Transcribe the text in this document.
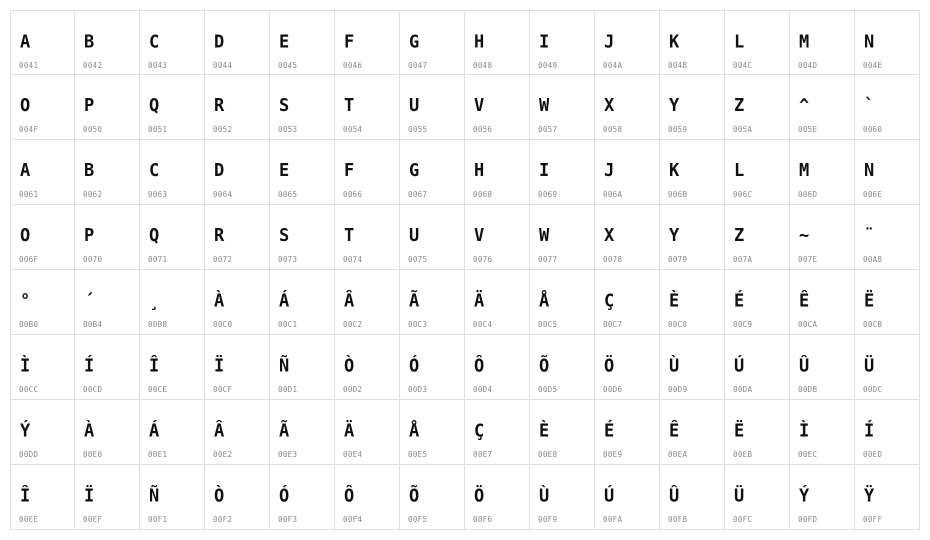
A
0041
B
0042
C
0043
D
0044
E
0045
F
0046
G
0047
H
0048
I
0049
J
004A
K
004B
L
004C
M
004D
N
004E
O
004F
P
0050
Q
0051
R
0052
S
0053
T
0054
U
0055
V
0056
W
0057
X
0058
Y
0059
Z
005A
^
005E
`
0060
A
0061
B
0062
C
0063
D
0064
E
0065
F
0066
G
0067
H
0068
I
0069
J
006A
K
006B
L
006C
M
006D
N
006E
O
006F
P
0070
Q
0071
R
0072
S
0073
T
0074
U
0075
V
0076
W
0077
X
0078
Y
0079
Z
007A
~
007E
¨
00A8
°
00B0
´
00B4
¸
00B8
À
00C0
Á
00C1
Â
00C2
Ã
00C3
Ä
00C4
Å
00C5
Ç
00C7
È
00C8
É
00C9
Ê
00CA
Ë
00CB
Ì
00CC
Í
00CD
Î
00CE
Ï
00CF
Ñ
00D1
Ò
00D2
Ó
00D3
Ô
00D4
Õ
00D5
Ö
00D6
Ù
00D9
Ú
00DA
Û
00DB
Ü
00DC
Ý
00DD
À
00E0
Á
00E1
Â
00E2
Ã
00E3
Ä
00E4
Å
00E5
Ç
00E7
È
00E8
É
00E9
Ê
00EA
Ë
00EB
Ì
00EC
Í
00ED
Î
00EE
Ï
00EF
Ñ
00F1
Ò
00F2
Ó
00F3
Ô
00F4
Õ
00F5
Ö
00F6
Ù
00F9
Ú
00FA
Û
00FB
Ü
00FC
Ý
00FD
Ÿ
00FF
